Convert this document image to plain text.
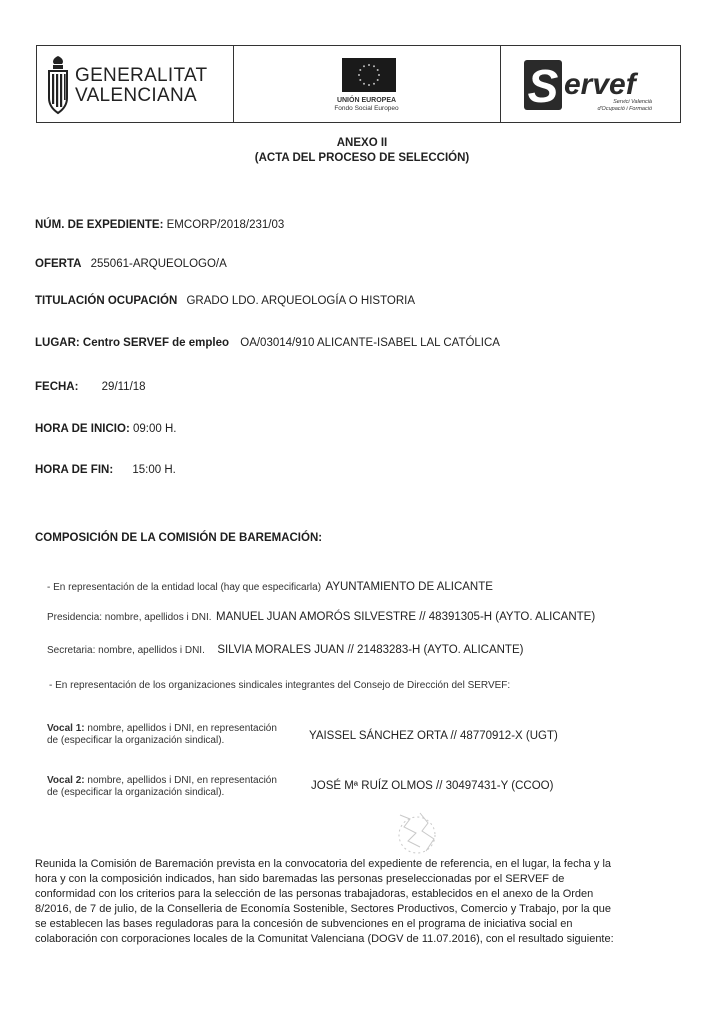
GENERALITAT
VALENCIANA	UNIÓN EUROPEA
Fondo Social Europeo	S ervef
Servici Valencià
d'Ocupació i Formació
ANEXO II
(ACTA DEL PROCESO DE SELECCIÓN)
NÚM. DE EXPEDIENTE: EMCORP/2018/231/03
OFERTA 255061-ARQUEOLOGO/A
TITULACIÓN OCUPACIÓN GRADO LDO. ARQUEOLOGÍA O HISTORIA
LUGAR: Centro SERVEF de empleo OA/03014/910 ALICANTE-ISABEL LAL CATÓLICA
FECHA: 29/11/18
HORA DE INICIO: 09:00 H.
HORA DE FIN: 15:00 H.
COMPOSICIÓN DE LA COMISIÓN DE BAREMACIÓN:
- En representación de la entidad local (hay que especificarla) AYUNTAMIENTO DE ALICANTE
Presidencia: nombre, apellidos i DNI. MANUEL JUAN AMORÓS SILVESTRE // 48391305-H (AYTO. ALICANTE)
Secretaria: nombre, apellidos i DNI. SILVIA MORALES JUAN // 21483283-H (AYTO. ALICANTE)
- En representación de los organizaciones sindicales integrantes del Consejo de Dirección del SERVEF:
Vocal 1: nombre, apellidos i DNI, en representación
de (especificar la organización sindical).	YAISSEL SÁNCHEZ ORTA // 48770912-X (UGT)
Vocal 2: nombre, apellidos i DNI, en representación
de (especificar la organización sindical).
JOSÉ Mª RUÍZ OLMOS // 30497431-Y (CCOO)
Reunida la Comisión de Baremación prevista en la convocatoria del expediente de referencia, en el lugar, la fecha y la
hora y con la composición indicados, han sido baremadas las personas preseleccionadas por el SERVEF de
conformidad con los criterios para la selección de las personas trabajadoras, establecidos en el anexo de la Orden
8/2016, de 7 de julio, de la Conselleria de Economía Sostenible, Sectores Productivos, Comercio y Trabajo, por la que
se establecen las bases reguladoras para la concesión de subvenciones en el programa de iniciativa social en
colaboración con corporaciones locales de la Comunitat Valenciana (DOGV de 11.07.2016), con el resultado siguiente:
